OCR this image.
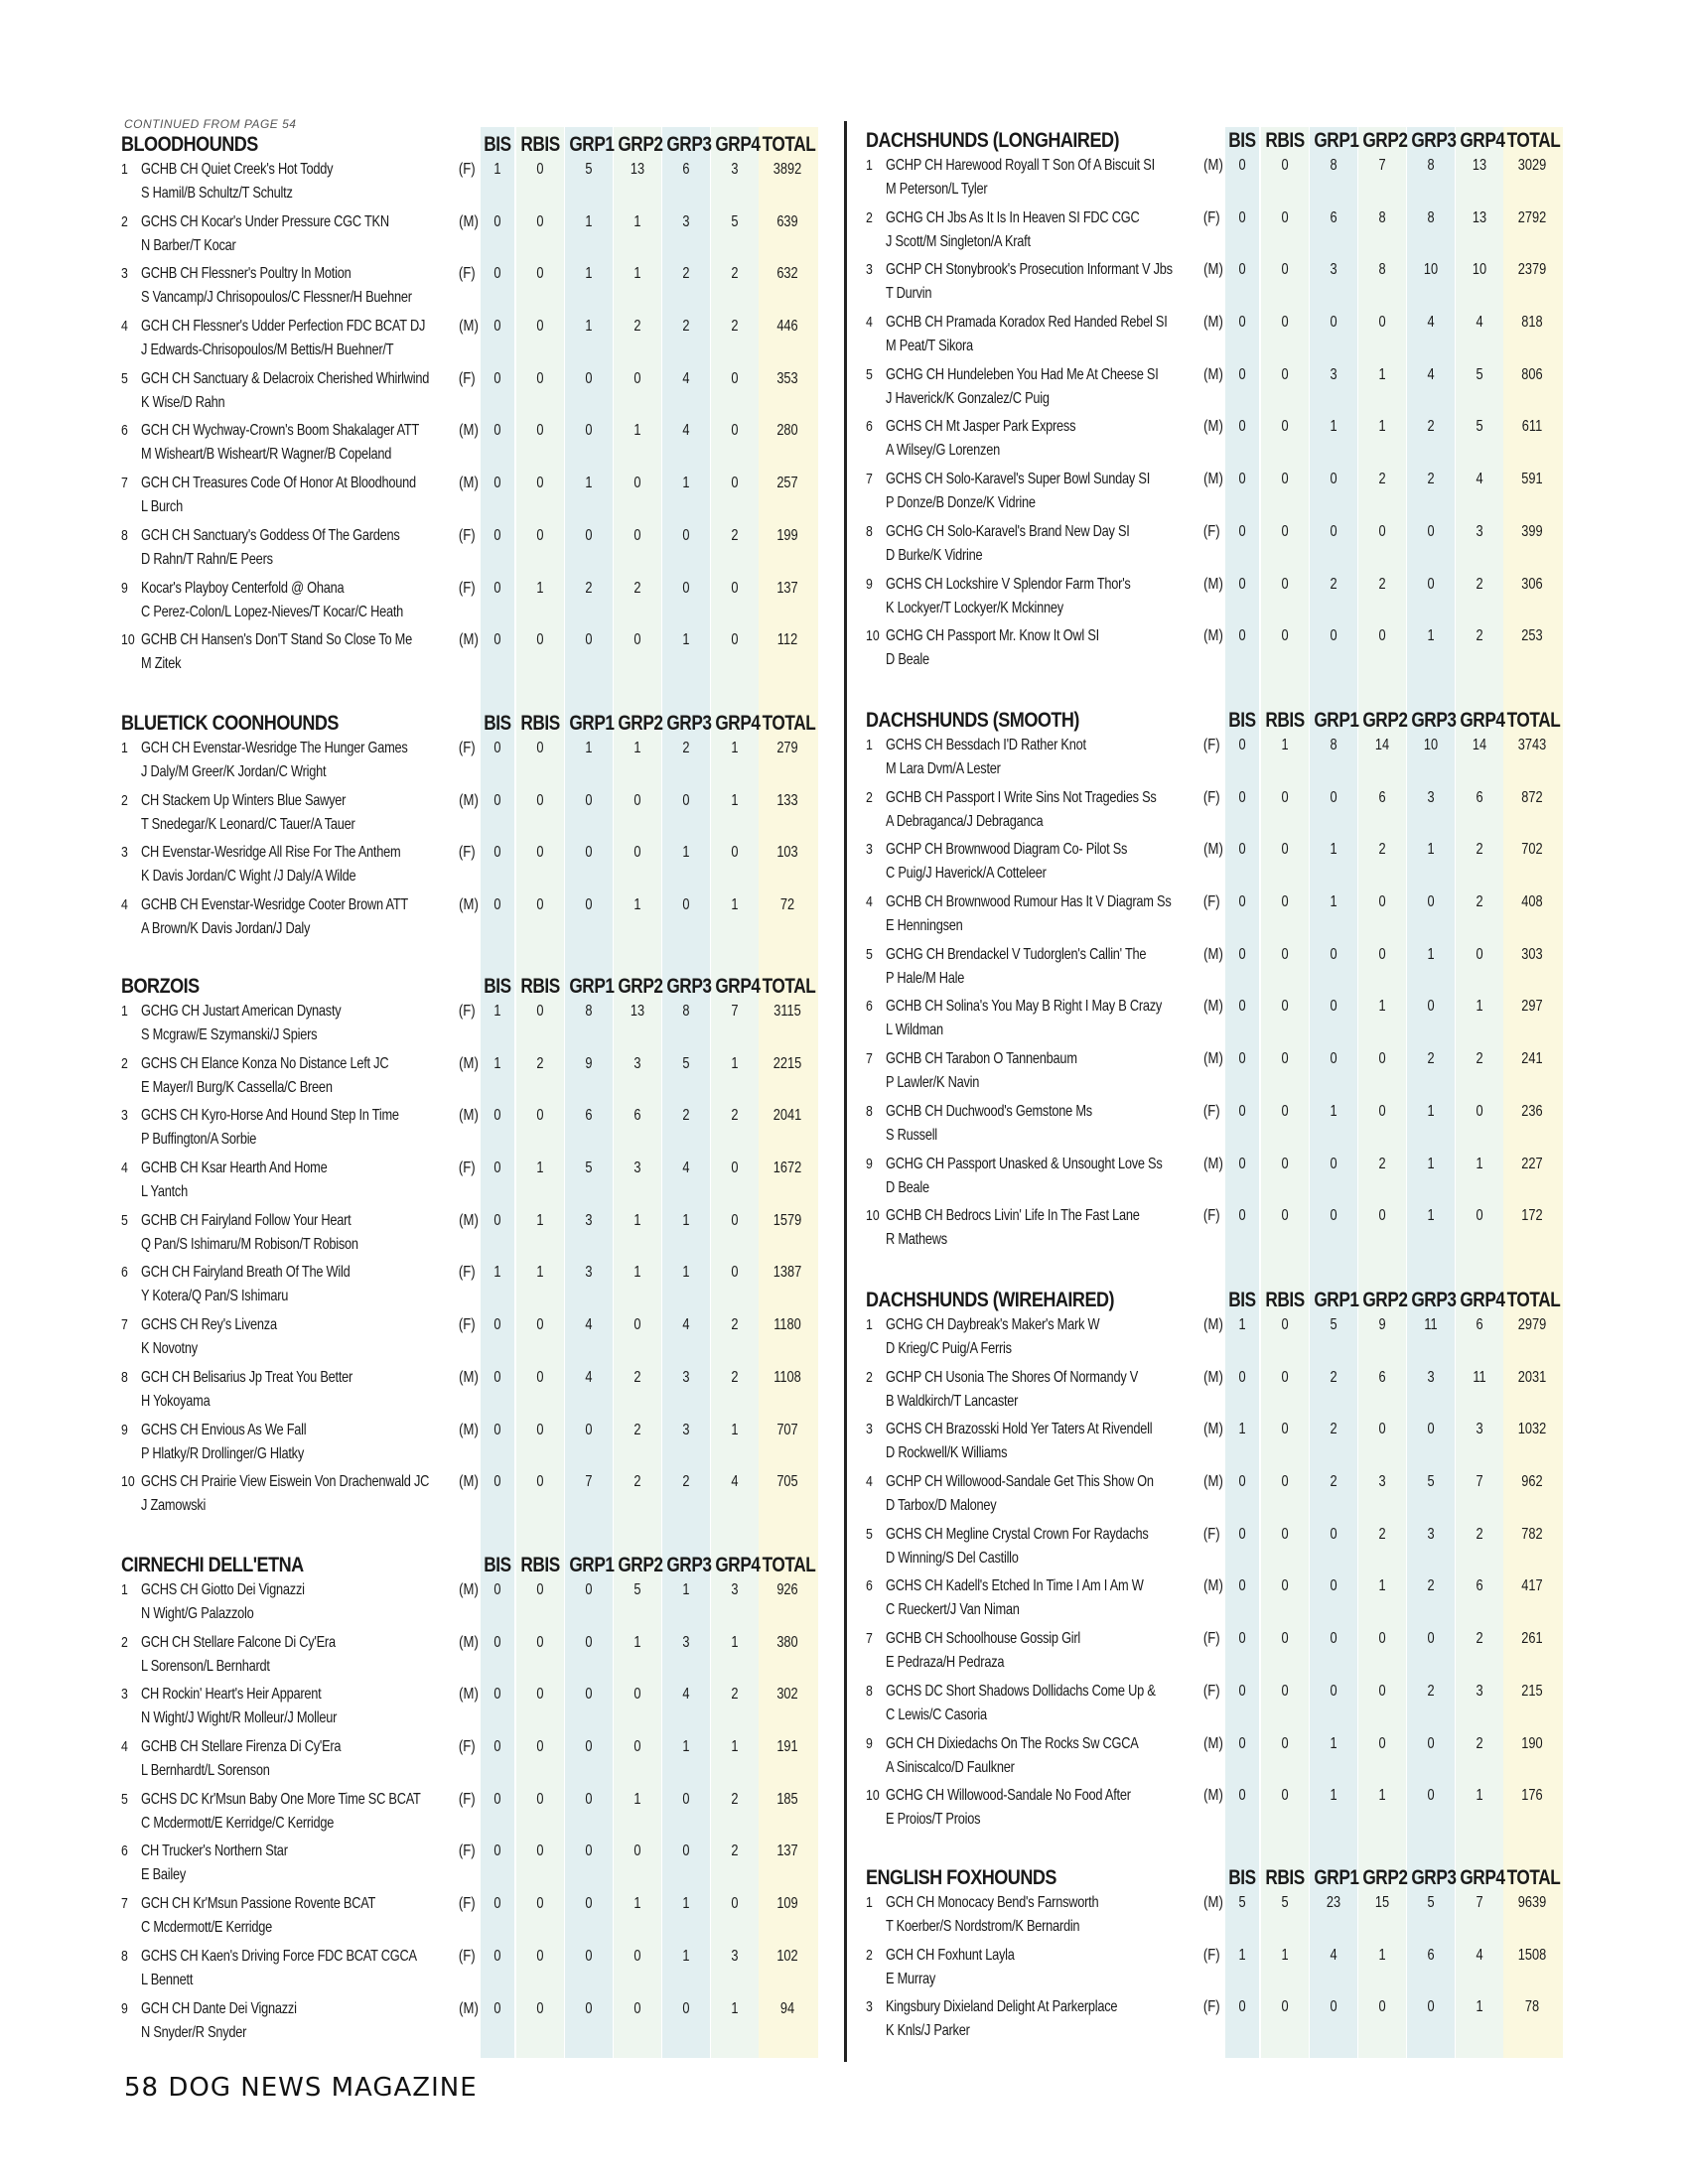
CONTINUED FROM PAGE 54
BLOODHOUNDS	BIS RBIS GRP1 GRP2 GRP3 GRP4 TOTAL
1 GCHB CH Quiet Creek's Hot Toddy
S Hamil/B Schultz/T Schultz
(F)	1	0	5	13	6	3	3892
2 GCHS CH Kocar's Under Pressure CGC TKN
N Barber/T Kocar
(M) 0	0	1	1	3	5	639
3 GCHB CH Flessner's Poultry In Motion
S Vancamp/J Chrisopoulos/C Flessner/H Buehner
(F)	0	0	1	1	2	2	632
4 GCH CH Flessner's Udder Perfection FDC BCAT DJ
J Edwards-Chrisopoulos/M Bettis/H Buehner/T
(M) 0	0	1	2	2	2	446
5 GCH CH Sanctuary & Delacroix Cherished Whirlwind
K Wise/D Rahn
(F)	0	0	0	0	4	0	353
6 GCH CH Wychway-Crown's Boom Shakalager ATT
M Wisheart/B Wisheart/R Wagner/B Copeland
(M) 0	0	0	1	4	0	280
7 GCH CH Treasures Code Of Honor At Bloodhound
L Burch
(M) 0	0	1	0	1	0	257
8 GCH CH Sanctuary's Goddess Of The Gardens
D Rahn/T Rahn/E Peers
(F)	0	0	0	0	0	2	199
9 Kocar's Playboy Centerfold @ Ohana
C Perez-Colon/L Lopez-Nieves/T Kocar/C Heath
(F)	0	1	2	2	0	0	137
10 GCHB CH Hansen's Don'T Stand So Close To Me
M Zitek
(M) 0	0	0	0	1	0	112
BLUETICK COONHOUNDS	BIS RBIS GRP1 GRP2 GRP3 GRP4 TOTAL
1 GCH CH Evenstar-Wesridge The Hunger Games
J Daly/M Greer/K Jordan/C Wright
(F)	0	0	1	1	2	1	279
2 CH Stackem Up Winters Blue Sawyer
T Snedegar/K Leonard/C Tauer/A Tauer
(M) 0	0	0	0	0	1	133
3 CH Evenstar-Wesridge All Rise For The Anthem
K Davis Jordan/C Wight /J Daly/A Wilde
(F)	0	0	0	0	1	0	103
4 GCHB CH Evenstar-Wesridge Cooter Brown ATT
A Brown/K Davis Jordan/J Daly
(M) 0	0	0	1	0	1	72
BORZOIS	BIS RBIS GRP1 GRP2 GRP3 GRP4 TOTAL
1 GCHG CH Justart American Dynasty
S Mcgraw/E Szymanski/J Spiers
(F)	1	0	8	13	8	7	3115
2 GCHS CH Elance Konza No Distance Left JC
E Mayer/I Burg/K Cassella/C Breen
(M) 1	2	9	3	5	1	2215
3 GCHS CH Kyro-Horse And Hound Step In Time
P Buffington/A Sorbie
(M) 0	0	6	6	2	2	2041
4 GCHB CH Ksar Hearth And Home
L Yantch
(F)	0	1	5	3	4	0	1672
5 GCHB CH Fairyland Follow Your Heart
Q Pan/S Ishimaru/M Robison/T Robison
(M) 0	1	3	1	1	0	1579
6 GCH CH Fairyland Breath Of The Wild
Y Kotera/Q Pan/S Ishimaru
(F)	1	1	3	1	1	0	1387
7 GCHS CH Rey's Livenza
K Novotny
(F)	0	0	4	0	4	2	1180
8 GCH CH Belisarius Jp Treat You Better
H Yokoyama
(M) 0	0	4	2	3	2	1108
9 GCHS CH Envious As We Fall
P Hlatky/R Drollinger/G Hlatky
(M) 0	0	0	2	3	1	707
10 GCHS CH Prairie View Eiswein Von Drachenwald JC
J Zamowski
(M) 0	0	7	2	2	4	705
CIRNECHI DELL'ETNA	BIS RBIS GRP1 GRP2 GRP3 GRP4 TOTAL
1 GCHS CH Giotto Dei Vignazzi
N Wight/G Palazzolo
(M) 0	0	0	5	1	3	926
2 GCH CH Stellare Falcone Di Cy'Era
L Sorenson/L Bernhardt
(M) 0	0	0	1	3	1	380
3 CH Rockin' Heart's Heir Apparent
N Wight/J Wight/R Molleur/J Molleur
(M) 0	0	0	0	4	2	302
4 GCHB CH Stellare Firenza Di Cy'Era
L Bernhardt/L Sorenson
(F)	0	0	0	0	1	1	191
5 GCHS DC Kr'Msun Baby One More Time SC BCAT
C Mcdermott/E Kerridge/C Kerridge
(F)	0	0	0	1	0	2	185
6 CH Trucker's Northern Star
E Bailey
(F)	0	0	0	0	0	2	137
7 GCH CH Kr'Msun Passione Rovente BCAT
C Mcdermott/E Kerridge
(F)	0	0	0	1	1	0	109
8 GCHS CH Kaen's Driving Force FDC BCAT CGCA
L Bennett
(F)	0	0	0	0	1	3	102
9 GCH CH Dante Dei Vignazzi
N Snyder/R Snyder
(M) 0	0	0	0	0	1	94
DACHSHUNDS (LONGHAIRED)	BIS RBIS GRP1 GRP2 GRP3 GRP4 TOTAL
1 GCHP CH Harewood Royall T Son Of A Biscuit SI
M Peterson/L Tyler
(M) 0	0	8	7	8	13	3029
2 GCHG CH Jbs As It Is In Heaven SI FDC CGC
J Scott/M Singleton/A Kraft
(F)	0	0	6	8	8	13	2792
3 GCHP CH Stonybrook's Prosecution Informant V Jbs
T Durvin
(M) 0	0	3	8	10	10	2379
4 GCHB CH Pramada Koradox Red Handed Rebel SI
M Peat/T Sikora
(M) 0	0	0	0	4	4	818
5 GCHG CH Hundeleben You Had Me At Cheese SI
J Haverick/K Gonzalez/C Puig
(M) 0	0	3	1	4	5	806
6 GCHS CH Mt Jasper Park Express
A Wilsey/G Lorenzen
(M) 0	0	1	1	2	5	611
7 GCHS CH Solo-Karavel's Super Bowl Sunday SI
P Donze/B Donze/K Vidrine
(M) 0	0	0	2	2	4	591
8 GCHG CH Solo-Karavel's Brand New Day SI
D Burke/K Vidrine
(F)	0	0	0	0	0	3	399
9 GCHS CH Lockshire V Splendor Farm Thor's
K Lockyer/T Lockyer/K Mckinney
(M) 0	0	2	2	0	2	306
10 GCHG CH Passport Mr. Know It Owl SI
D Beale
(M) 0	0	0	0	1	2	253
DACHSHUNDS (SMOOTH)	BIS RBIS GRP1 GRP2 GRP3 GRP4 TOTAL
1 GCHS CH Bessdach I'D Rather Knot
M Lara Dvm/A Lester
(F)	0	1	8	14	10	14	3743
2 GCHB CH Passport I Write Sins Not Tragedies Ss
A Debraganca/J Debraganca
(F)	0	0	0	6	3	6	872
3 GCHP CH Brownwood Diagram Co- Pilot Ss
C Puig/J Haverick/A Cotteleer
(M) 0	0	1	2	1	2	702
4 GCHB CH Brownwood Rumour Has It V Diagram Ss
E Henningsen
(F)	0	0	1	0	0	2	408
5 GCHG CH Brendackel V Tudorglen's Callin' The
P Hale/M Hale
(M) 0	0	0	0	1	0	303
6 GCHB CH Solina's You May B Right I May B Crazy
L Wildman
(M) 0	0	0	1	0	1	297
7 GCHB CH Tarabon O Tannenbaum
P Lawler/K Navin
(M) 0	0	0	0	2	2	241
8 GCHB CH Duchwood's Gemstone Ms
S Russell
(F)	0	0	1	0	1	0	236
9 GCHG CH Passport Unasked & Unsought Love Ss
D Beale
(M) 0	0	0	2	1	1	227
10 GCHB CH Bedrocs Livin' Life In The Fast Lane
R Mathews
(F)	0	0	0	0	1	0	172
DACHSHUNDS (WIREHAIRED)	BIS RBIS GRP1 GRP2 GRP3 GRP4 TOTAL
1 GCHG CH Daybreak's Maker's Mark W
D Krieg/C Puig/A Ferris
(M) 1	0	5	9	11	6	2979
2 GCHP CH Usonia The Shores Of Normandy V
B Waldkirch/T Lancaster
(M) 0	0	2	6	3	11	2031
3 GCHS CH Brazosski Hold Yer Taters At Rivendell
D Rockwell/K Williams
(M) 1	0	2	0	0	3	1032
4 GCHP CH Willowood-Sandale Get This Show On
D Tarbox/D Maloney
(M) 0	0	2	3	5	7	962
5 GCHS CH Megline Crystal Crown For Raydachs
D Winning/S Del Castillo
(F)	0	0	0	2	3	2	782
6 GCHS CH Kadell's Etched In Time I Am I Am W
C Rueckert/J Van Niman
(M) 0	0	0	1	2	6	417
7 GCHB CH Schoolhouse Gossip Girl
E Pedraza/H Pedraza
(F)	0	0	0	0	0	2	261
8 GCHS DC Short Shadows Dollidachs Come Up &
C Lewis/C Casoria
(F)	0	0	0	0	2	3	215
9 GCH CH Dixiedachs On The Rocks Sw CGCA
A Siniscalco/D Faulkner
(M) 0	0	1	0	0	2	190
10 GCHG CH Willowood-Sandale No Food After
E Proios/T Proios
(M) 0	0	1	1	0	1	176
ENGLISH FOXHOUNDS	BIS RBIS GRP1 GRP2 GRP3 GRP4 TOTAL
1 GCH CH Monocacy Bend's Farnsworth
T Koerber/S Nordstrom/K Bernardin
(M) 5	5	23	15	5	7	9639
2 GCH CH Foxhunt Layla
E Murray
(F)	1	1	4	1	6	4	1508
3 Kingsbury Dixieland Delight At Parkerplace
K Knls/J Parker
(F)	0	0	0	0	0	1	78
58 DOG NEWS MAGAZINE
